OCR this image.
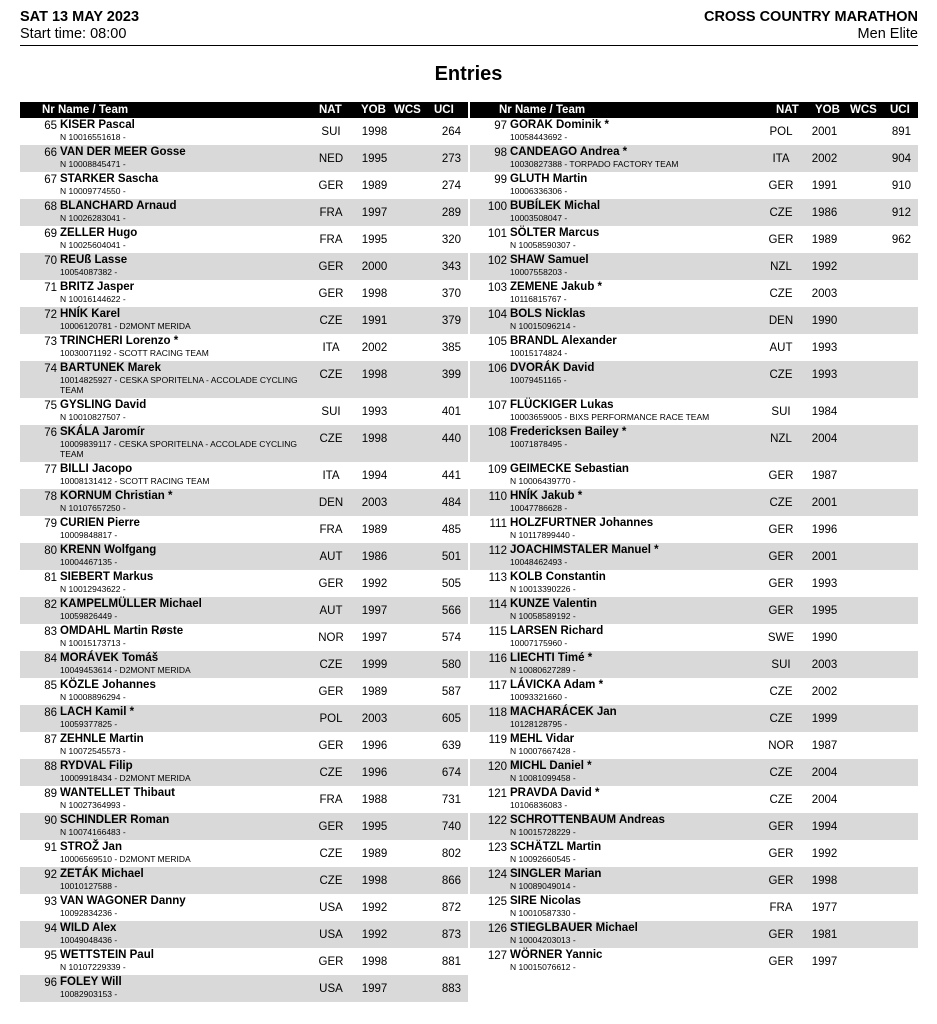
SAT 13 MAY 2023
Start time: 08:00
CROSS COUNTRY MARATHON
Men Elite
Entries
Nr Name / Team	NAT YOB WCS UCI
65 KISER Pascal
N 10016551618 -	SUI	1998	264
66 VAN DER MEER Gosse
N 10008845471 -	NED	1995	273
67 STARKER Sascha
N 10009774550 -	GER	1989	274
68 BLANCHARD Arnaud
N 10026283041 -	FRA	1997	289
69 ZELLER Hugo
N 10025604041 -	FRA	1995	320
70 REUß Lasse
10054087382 -	GER	2000	343
71 BRITZ Jasper
N 10016144622 -	GER	1998	370
72 HNÍK Karel
10006120781 - D2MONT MERIDA	CZE	1991	379
73 TRINCHERI Lorenzo *
10030071192 - SCOTT RACING TEAM	ITA	2002	385
74 BARTUNEK Marek
10014825927 - CESKA SPORITELNA - ACCOLADE CYCLING TEAM
CZE	1998	399
75 GYSLING David
N 10010827507 -	SUI	1993	401
76 SKÁLA Jaromír
10009839117 - CESKA SPORITELNA - ACCOLADE CYCLING TEAM
CZE	1998	440
77 BILLI Jacopo
10008131412 - SCOTT RACING TEAM	ITA	1994	441
78 KORNUM Christian *
N 10107657250 -	DEN	2003	484
79 CURIEN Pierre
10009848817 -	FRA	1989	485
80 KRENN Wolfgang
10004467135 -	AUT	1986	501
81 SIEBERT Markus
N 10012943622 -	GER	1992	505
82 KAMPELMÜLLER Michael
10059826449 -	AUT	1997	566
83 OMDAHL Martin Røste
N 10015173713 -	NOR	1997	574
84 MORÁVEK Tomáš
10049453614 - D2MONT MERIDA	CZE	1999	580
85 KÖZLE Johannes
N 10008896294 -	GER	1989	587
86 LACH Kamil *
10059377825 -	POL	2003	605
87 ZEHNLE Martin
N 10072545573 -	GER	1996	639
88 RYDVAL Filip
10009918434 - D2MONT MERIDA	CZE	1996	674
89 WANTELLET Thibaut
N 10027364993 -	FRA	1988	731
90 SCHINDLER Roman
N 10074166483 -	GER	1995	740
91 STROŽ Jan
10006569510 - D2MONT MERIDA	CZE	1989	802
92 ZETÁK Michael
10010127588 -	CZE	1998	866
93 VAN WAGONER Danny
10092834236 -	USA	1992	872
94 WILD Alex
10049048436 -	USA	1992	873
95 WETTSTEIN Paul
N 10107229339 -	GER	1998	881
96 FOLEY Will
10082903153 -	USA	1997	883
Nr Name / Team	NAT YOB WCS UCI
97 GORAK Dominik *
10058443692 -	POL	2001	891
98 CANDEAGO Andrea *
10030827388 - TORPADO FACTORY TEAM	ITA	2002	904
99 GLUTH Martin
10006336306 -	GER	1991	910
100 BUBÍLEK Michal
10003508047 -	CZE	1986	912
101 SÖLTER Marcus
N 10058590307 -	GER	1989	962
102 SHAW Samuel
10007558203 -	NZL	1992
103 ZEMENE Jakub *
10116815767 -	CZE	2003
104 BOLS Nicklas
N 10015096214 -	DEN	1990
105 BRANDL Alexander
10015174824 -	AUT	1993
106 DVORÁK David
10079451165 -	CZE	1993
107 FLÜCKIGER Lukas
10003659005 - BIXS PERFORMANCE RACE TEAM	SUI	1984
108 Fredericksen Bailey *
10071878495 -	NZL	2004
109 GEIMECKE Sebastian
N 10006439770 -	GER	1987
110 HNÍK Jakub *
10047786628 -	CZE	2001
111 HOLZFURTNER Johannes
N 10117899440 -	GER	1996
112 JOACHIMSTALER Manuel *
10048462493 -	GER	2001
113 KOLB Constantin
N 10013390226 -	GER	1993
114 KUNZE Valentin
N 10058589192 -	GER	1995
115 LARSEN Richard
10007175960 -	SWE	1990
116 LIECHTI Timé *
N 10080627289 -	SUI	2003
117 LÁVICKA Adam *
10093321660 -	CZE	2002
118 MACHARÁCEK Jan
10128128795 -	CZE	1999
119 MEHL Vidar
N 10007667428 -	NOR	1987
120 MICHL Daniel *
N 10081099458 -	CZE	2004
121 PRAVDA David *
10106836083 -	CZE	2004
122 SCHROTTENBAUM Andreas
N 10015728229 -	GER	1994
123 SCHÄTZL Martin
N 10092660545 -	GER	1992
124 SINGLER Marian
N 10089049014 -	GER	1998
125 SIRE Nicolas
N 10010587330 -	FRA	1977
126 STIEGLBAUER Michael
N 10004203013 -	GER	1981
127 WÖRNER Yannic
N 10015076612 -	GER	1997
